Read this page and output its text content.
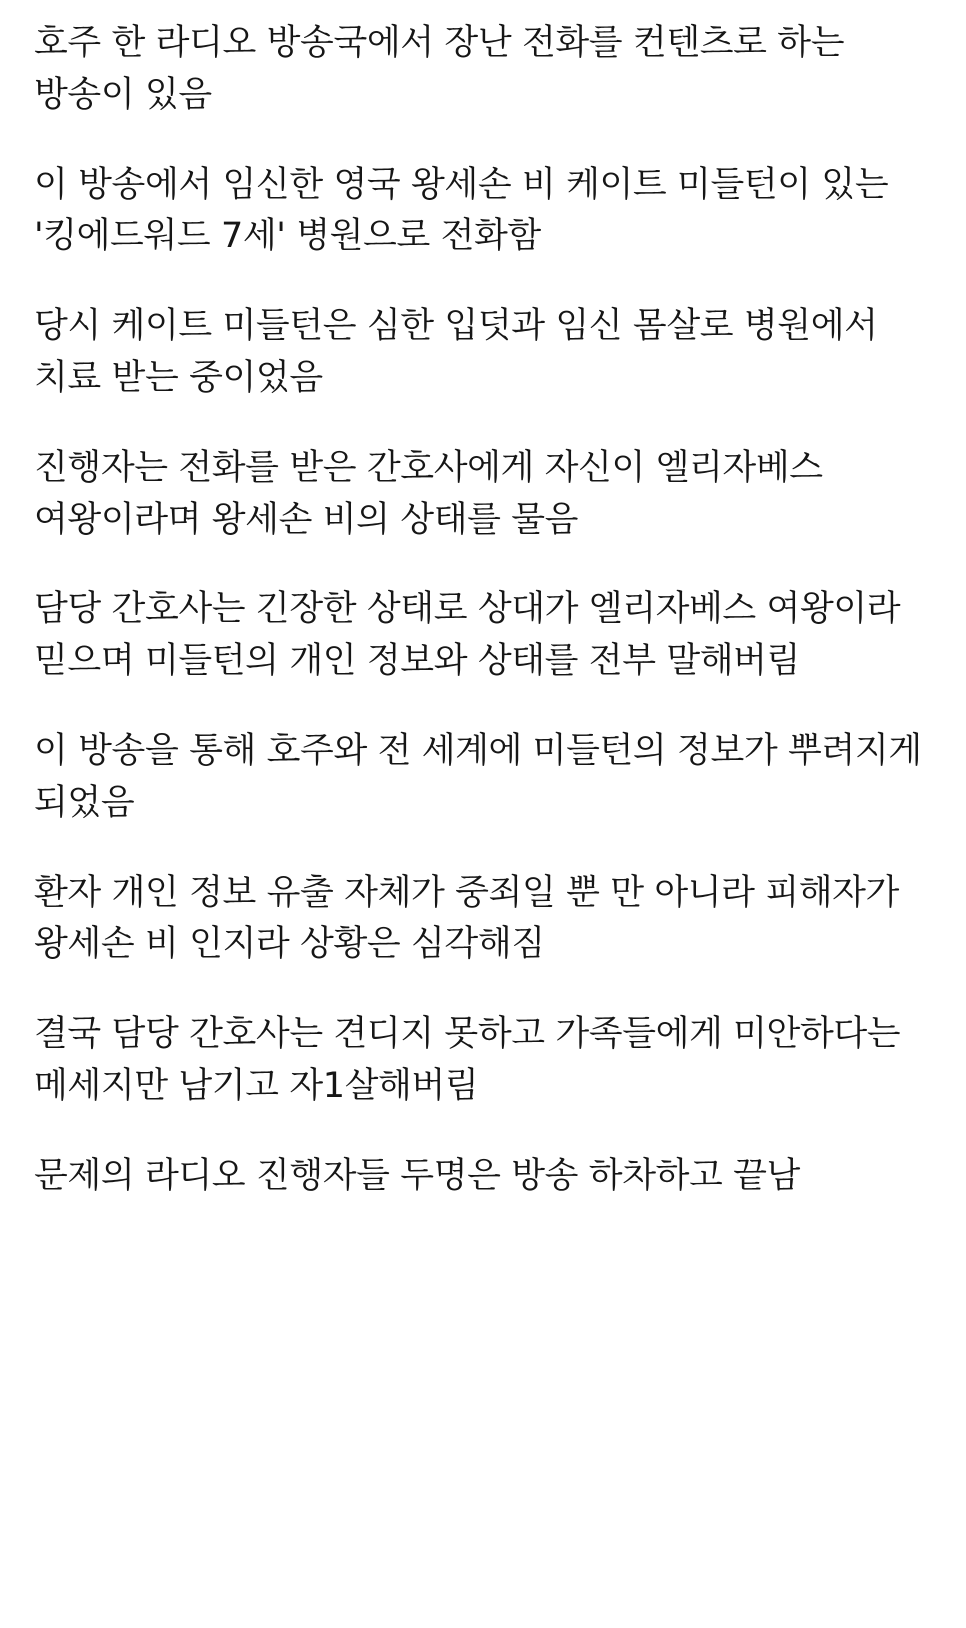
호주 한 라디오 방송국에서 장난 전화를 컨텐츠로 하는 방송이 있음

이 방송에서 임신한 영국 왕세손 비 케이트 미들턴이 있는 '킹에드워드 7세' 병원으로 전화함

당시 케이트 미들턴은 심한 입덧과 임신 몸살로 병원에서 치료 받는 중이었음

진행자는 전화를 받은 간호사에게 자신이 엘리자베스 여왕이라며 왕세손 비의 상태를 물음

담당 간호사는 긴장한 상태로 상대가 엘리자베스 여왕이라 믿으며 미들턴의 개인 정보와 상태를 전부 말해버림

이 방송을 통해 호주와 전 세계에 미들턴의 정보가 뿌려지게 되었음

환자 개인 정보 유출 자체가 중죄일 뿐 만 아니라 피해자가 왕세손 비 인지라 상황은 심각해짐

결국 담당 간호사는 견디지 못하고 가족들에게 미안하다는 메세지만 남기고 자1살해버림

문제의 라디오 진행자들 두명은 방송 하차하고 끝남
